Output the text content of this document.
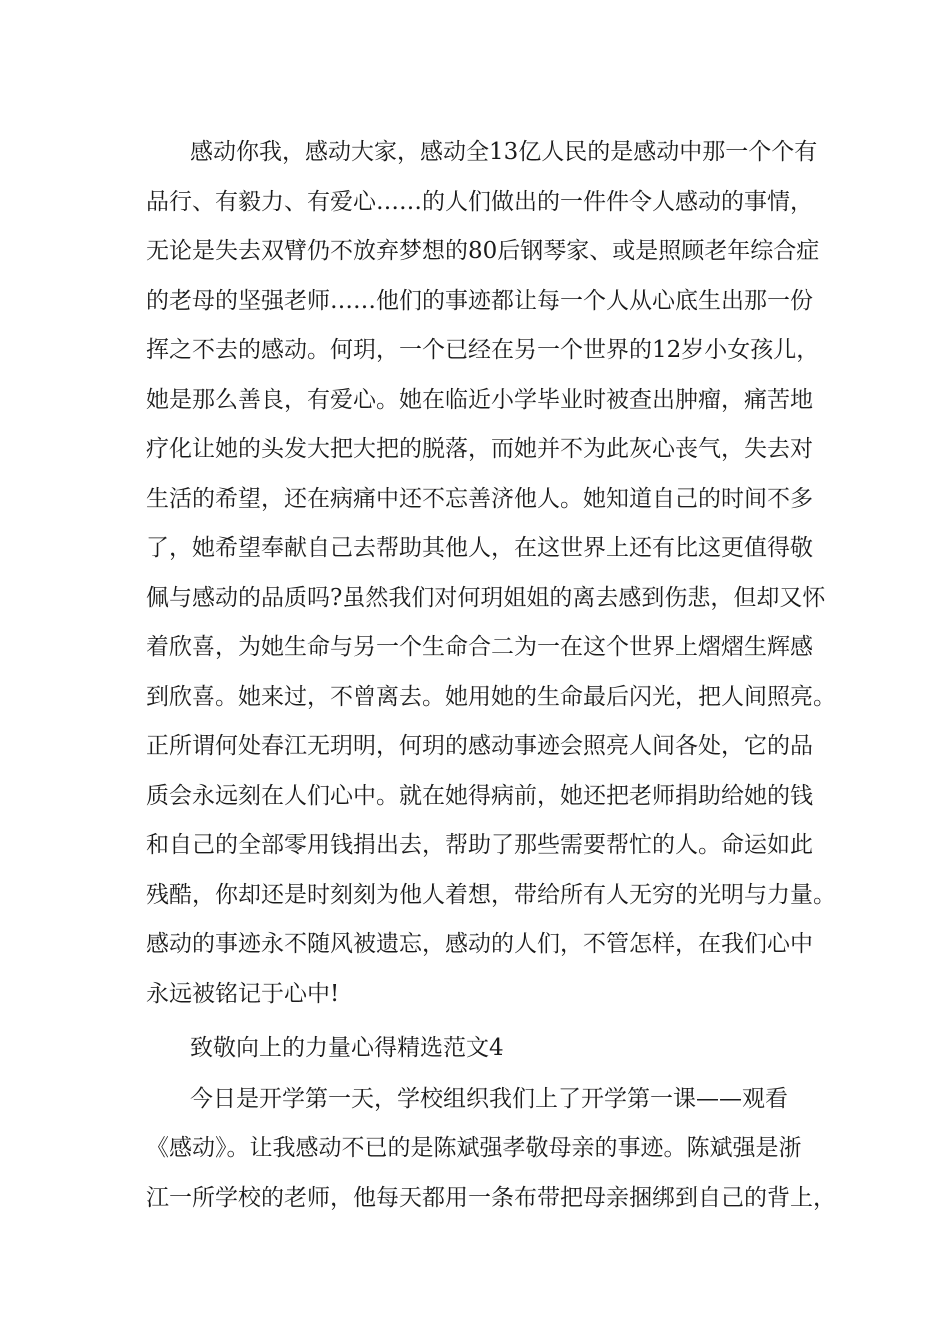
感动你我，感动大家，感动全13亿人民的是感动中那一个个有
品行、有毅力、有爱心……的人们做出的一件件令人感动的事情，
无论是失去双臂仍不放弃梦想的80后钢琴家、或是照顾老年综合症
的老母的坚强老师……他们的事迹都让每一个人从心底生出那一份
挥之不去的感动。何玥，一个已经在另一个世界的12岁小女孩儿，
她是那么善良，有爱心。她在临近小学毕业时被查出肿瘤，痛苦地
疗化让她的头发大把大把的脱落，而她并不为此灰心丧气，失去对
生活的希望，还在病痛中还不忘善济他人。她知道自己的时间不多
了，她希望奉献自己去帮助其他人，在这世界上还有比这更值得敬
佩与感动的品质吗?虽然我们对何玥姐姐的离去感到伤悲，但却又怀
着欣喜，为她生命与另一个生命合二为一在这个世界上熠熠生辉感
到欣喜。她来过，不曾离去。她用她的生命最后闪光，把人间照亮。
正所谓何处春江无玥明，何玥的感动事迹会照亮人间各处，它的品
质会永远刻在人们心中。就在她得病前，她还把老师捐助给她的钱
和自己的全部零用钱捐出去，帮助了那些需要帮忙的人。命运如此
残酷，你却还是时刻刻为他人着想，带给所有人无穷的光明与力量。
感动的事迹永不随风被遗忘，感动的人们，不管怎样，在我们心中
永远被铭记于心中!
致敬向上的力量心得精选范文4
今日是开学第一天，学校组织我们上了开学第一课——观看
《感动》。让我感动不已的是陈斌强孝敬母亲的事迹。陈斌强是浙
江一所学校的老师，他每天都用一条布带把母亲捆绑到自己的背上，
